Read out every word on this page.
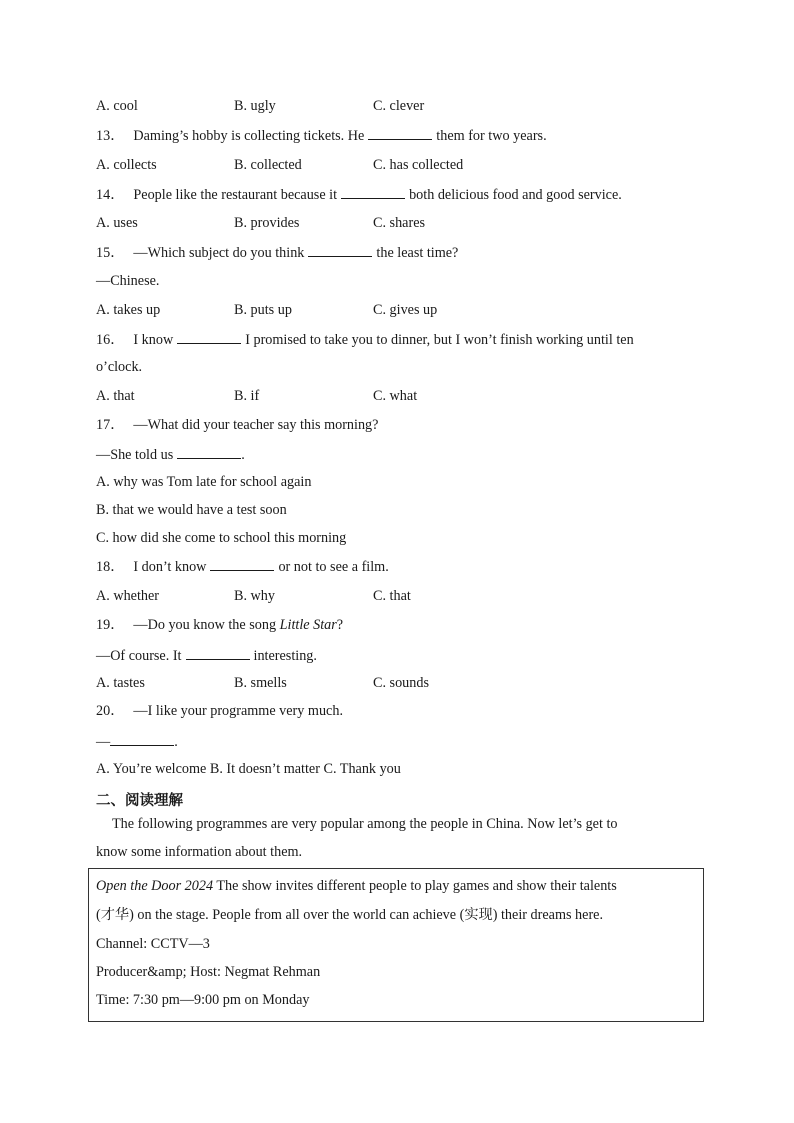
A. cool	B. ugly	C. clever
13． Daming’s hobby is collecting tickets. He	them for two years.
A. collects	B. collected	C. has collected
14． People like the restaurant because it	both delicious food and good service.
A. uses	B. provides	C. shares
15． —Which subject do you think	the least time?
—Chinese.
A. takes up	B. puts up	C. gives up
16． I know	I promised to take you to dinner, but I won’t finish working until ten
o’clock.
A. that	B. if	C. what
17． —What did your teacher say this morning?
—She told us	.
A. why was Tom late for school again
B. that we would have a test soon
C. how did she come to school this morning
18． I don’t know	or not to see a film.
A. whether	B. why	C. that
19． —Do you know the song Little Star?
—Of course. It	interesting.
A. tastes	B. smells	C. sounds
20． —I like your programme very much.
—	.
A. You’re welcome B. It doesn’t matter C. Thank you
二、阅读理解
The following programmes are very popular among the people in China. Now let’s get to
know some information about them.
Open the Door 2024 The show invites different people to play games and show their talents
(才华) on the stage. People from all over the world can achieve (实现) their dreams here.
Channel: CCTV—3
Producer&amp; Host: Negmat Rehman
Time: 7:30 pm—9:00 pm on Monday
